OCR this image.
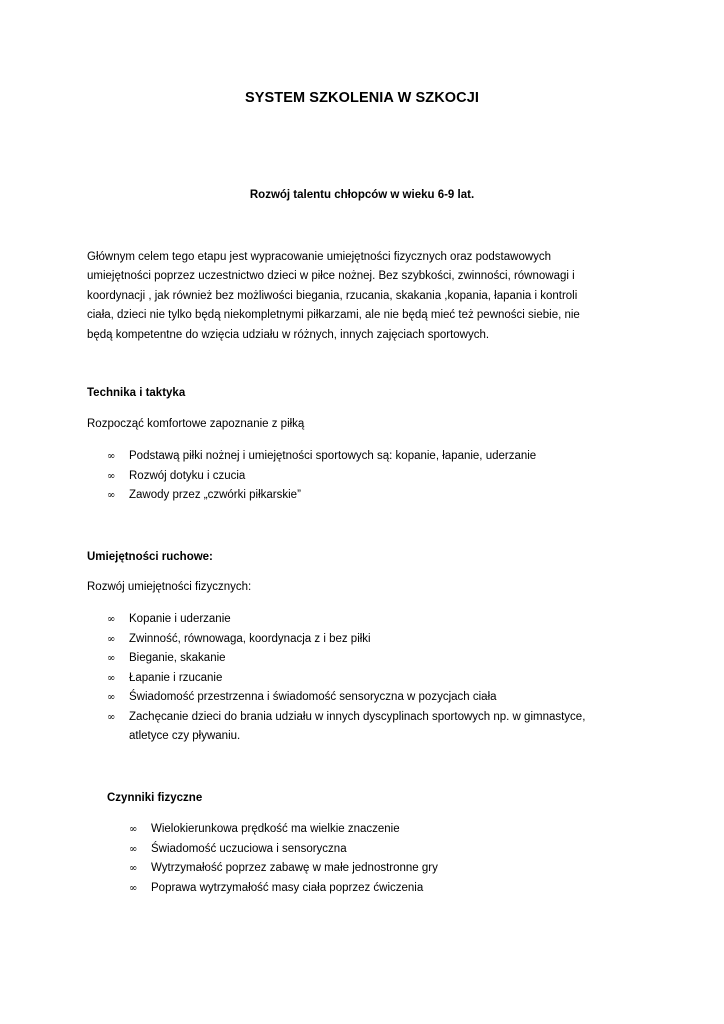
SYSTEM SZKOLENIA W SZKOCJI
Rozwój talentu chłopców w wieku 6-9 lat.
Głównym celem tego etapu jest wypracowanie umiejętności fizycznych oraz podstawowych
umiejętności poprzez uczestnictwo dzieci w piłce nożnej. Bez szybkości, zwinności, równowagi i
koordynacji , jak również bez możliwości biegania, rzucania, skakania ,kopania, łapania i kontroli
ciała, dzieci nie tylko będą niekompletnymi piłkarzami, ale nie będą mieć też pewności siebie, nie
będą kompetentne do wzięcia udziału w różnych, innych zajęciach sportowych.
Technika i taktyka
Rozpocząć komfortowe zapoznanie z piłką
∞	Podstawą piłki nożnej i umiejętności sportowych są: kopanie, łapanie, uderzanie
∞	Rozwój dotyku i czucia
∞	Zawody przez „czwórki piłkarskie”
Umiejętności ruchowe:
Rozwój umiejętności fizycznych:
∞	Kopanie i uderzanie
∞	Zwinność, równowaga, koordynacja z i bez piłki
∞	Bieganie, skakanie
∞	Łapanie i rzucanie
∞	Świadomość przestrzenna i świadomość sensoryczna w pozycjach ciała
∞	Zachęcanie dzieci do brania udziału w innych dyscyplinach sportowych np. w gimnastyce,
atletyce czy pływaniu.
Czynniki fizyczne
∞	Wielokierunkowa prędkość ma wielkie znaczenie
∞	Świadomość uczuciowa i sensoryczna
∞	Wytrzymałość poprzez zabawę w małe jednostronne gry
∞	Poprawa wytrzymałość masy ciała poprzez ćwiczenia
